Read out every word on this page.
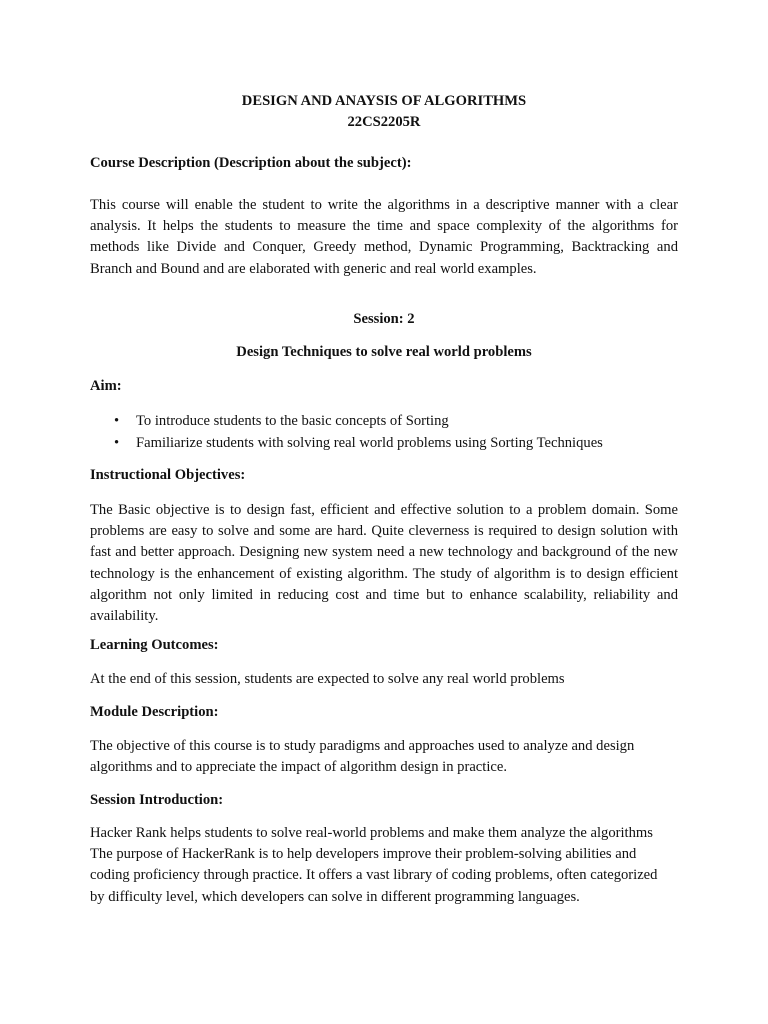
DESIGN AND ANAYSIS OF ALGORITHMS
22CS2205R
Course Description (Description about the subject):

This course will enable the student to write the algorithms in a descriptive manner with a clear analysis. It helps the students to measure the time and space complexity of the algorithms for methods like Divide and Conquer, Greedy method, Dynamic Programming, Backtracking and Branch and Bound and are elaborated with generic and real world examples.

Session: 2
Design Techniques to solve real world problems
Aim:
• To introduce students to the basic concepts of Sorting
• Familiarize students with solving real world problems using Sorting Techniques
Instructional Objectives:

The Basic objective is to design fast, efficient and effective solution to a problem domain. Some problems are easy to solve and some are hard. Quite cleverness is required to design solution with fast and better approach. Designing new system need a new technology and background of the new technology is the enhancement of existing algorithm. The study of algorithm is to design efficient algorithm not only limited in reducing cost and time but to enhance scalability, reliability and availability.

Learning Outcomes:

At the end of this session, students are expected to solve any real world problems

Module Description:

The objective of this course is to study paradigms and approaches used to analyze and design algorithms and to appreciate the impact of algorithm design in practice.

Session Introduction:
Hacker Rank helps students to solve real-world problems and make them analyze the algorithms
The purpose of HackerRank is to help developers improve their problem-solving abilities and
coding proficiency through practice. It offers a vast library of coding problems, often categorized
by difficulty level, which developers can solve in different programming languages.
